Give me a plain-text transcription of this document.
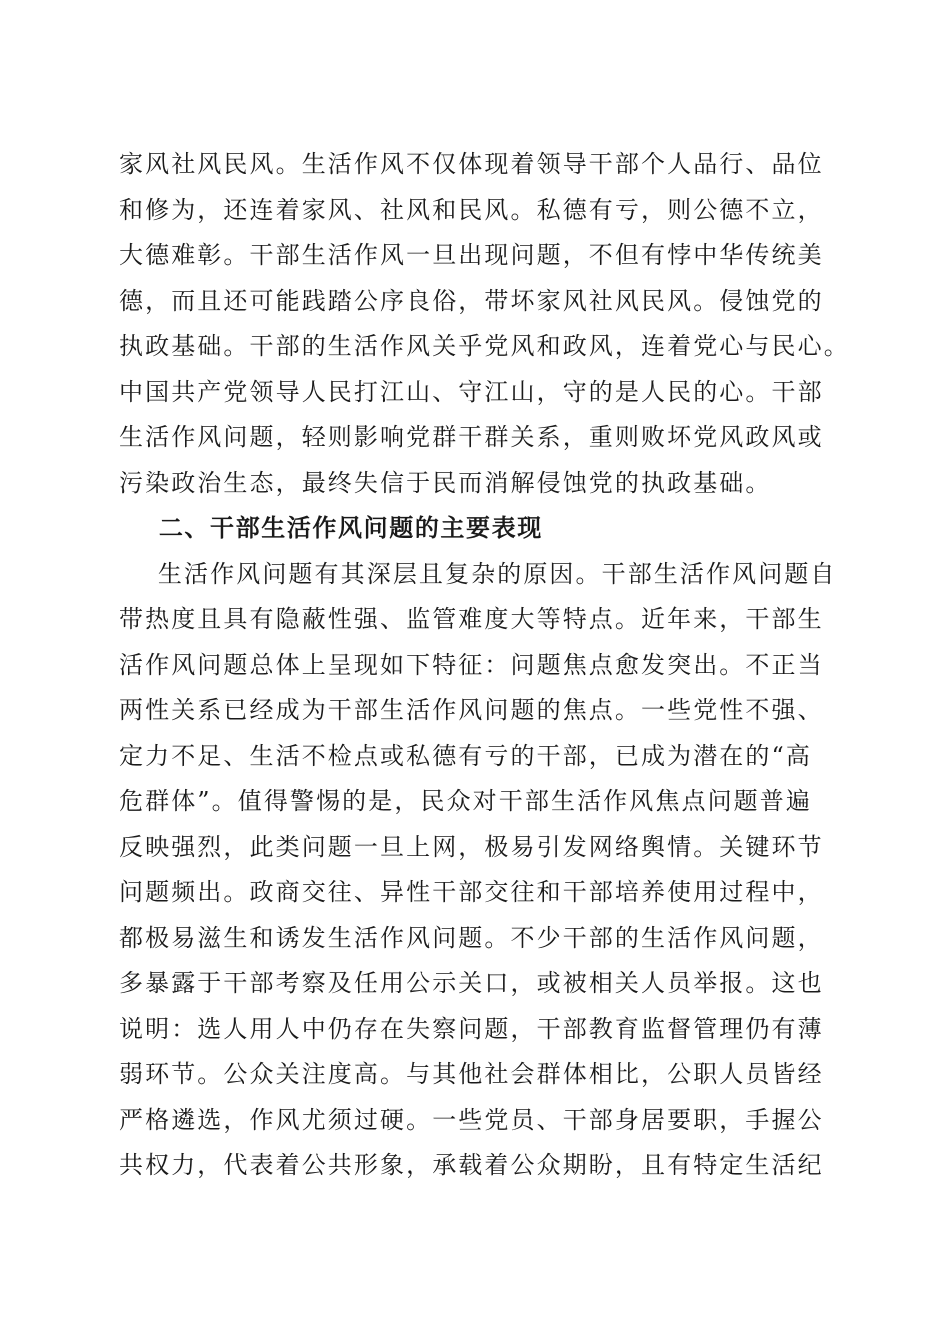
家风社风民风。生活作风不仅体现着领导干部个人品行、品位
和修为，还连着家风、社风和民风。私德有亏，则公德不立，
大德难彰。干部生活作风一旦出现问题，不但有悖中华传统美
德，而且还可能践踏公序良俗，带坏家风社风民风。侵蚀党的
执政基础。干部的生活作风关乎党风和政风，连着党心与民心。
中国共产党领导人民打江山、守江山，守的是人民的心。干部
生活作风问题，轻则影响党群干群关系，重则败坏党风政风或
污染政治生态，最终失信于民而消解侵蚀党的执政基础。
二、干部生活作风问题的主要表现
生活作风问题有其深层且复杂的原因。干部生活作风问题自
带热度且具有隐蔽性强、监管难度大等特点。近年来，干部生
活作风问题总体上呈现如下特征：问题焦点愈发突出。不正当
两性关系已经成为干部生活作风问题的焦点。一些党性不强、
定力不足、生活不检点或私德有亏的干部，已成为潜在的“高
危群体”。值得警惕的是，民众对干部生活作风焦点问题普遍
反映强烈，此类问题一旦上网，极易引发网络舆情。关键环节
问题频出。政商交往、异性干部交往和干部培养使用过程中，
都极易滋生和诱发生活作风问题。不少干部的生活作风问题，
多暴露于干部考察及任用公示关口，或被相关人员举报。这也
说明：选人用人中仍存在失察问题，干部教育监督管理仍有薄
弱环节。公众关注度高。与其他社会群体相比，公职人员皆经
严格遴选，作风尤须过硬。一些党员、干部身居要职，手握公
共权力，代表着公共形象，承载着公众期盼，且有特定生活纪
